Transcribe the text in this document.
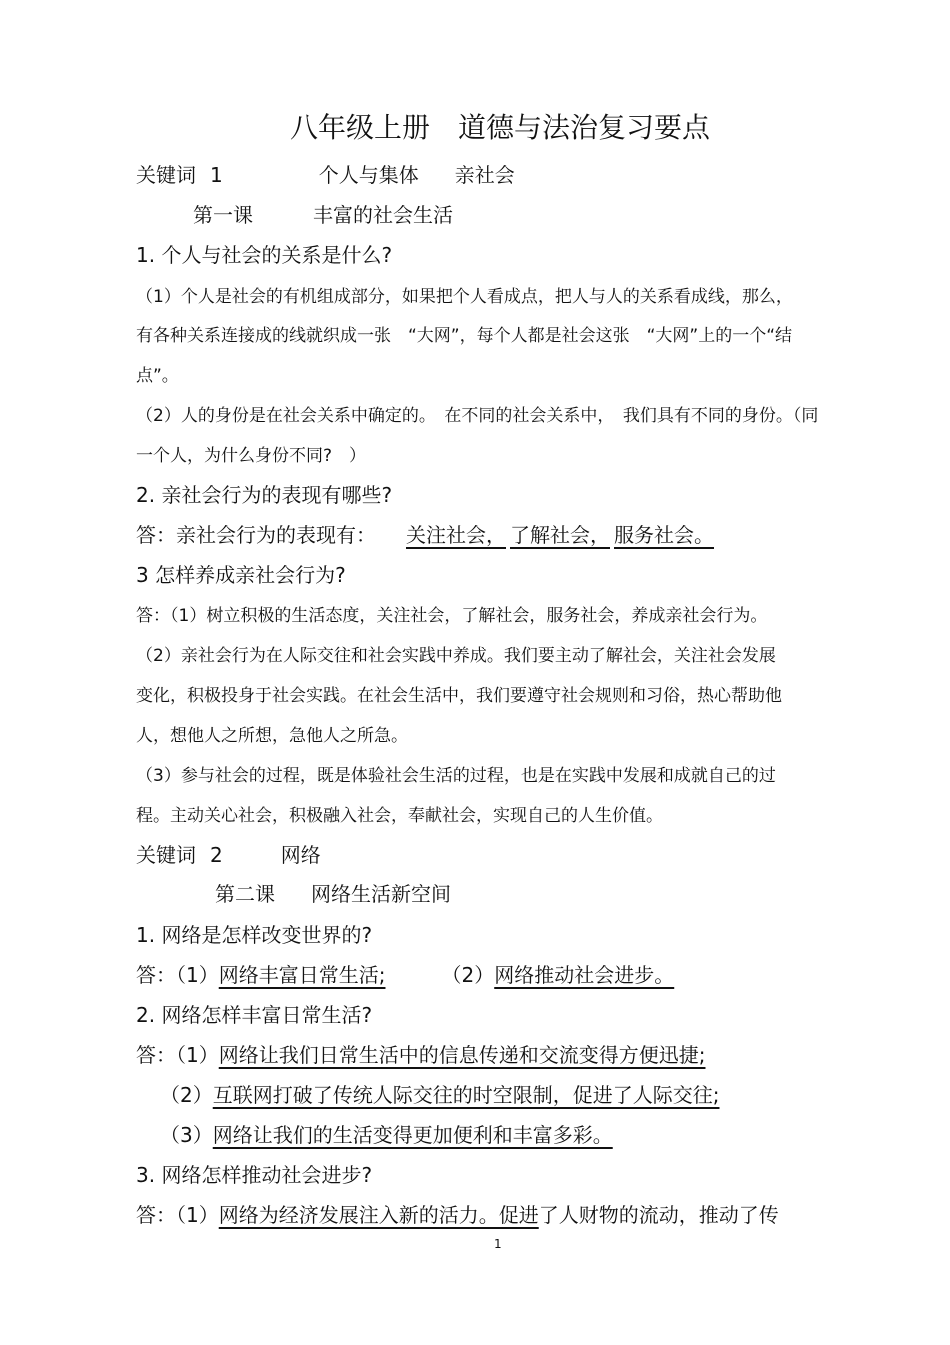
八年级上册　道德与法治复习要点
关键词 1	个人与集体 亲社会
第一课	丰富的社会生活
1. 个人与社会的关系是什么?
（1）个人是社会的有机组成部分，如果把个人看成点，把人与人的关系看成线，那么，
有各种关系连接成的线就织成一张　“大网”，每个人都是社会这张　“大网”上的一个“结
点”。
（2）人的身份是在社会关系中确定的。　在不同的社会关系中，　我们具有不同的身份。（同
一个人，为什么身份不同?　）
2. 亲社会行为的表现有哪些?
答：亲社会行为的表现有： 关注社会， 了解社会， 服务社会。
3 怎样养成亲社会行为?
答：（1）树立积极的生活态度，关注社会，了解社会，服务社会，养成亲社会行为。
（2）亲社会行为在人际交往和社会实践中养成。我们要主动了解社会，关注社会发展
变化，积极投身于社会实践。在社会生活中，我们要遵守社会规则和习俗，热心帮助他
人，想他人之所想，急他人之所急。
（3）参与社会的过程，既是体验社会生活的过程，也是在实践中发展和成就自己的过
程。主动关心社会，积极融入社会，奉献社会，实现自己的人生价值。
关键词 2	网络
第二课 网络生活新空间
1. 网络是怎样改变世界的?
答：（1）网络丰富日常生活;	（2）网络推动社会进步。
2. 网络怎样丰富日常生活?
答：（1）网络让我们日常生活中的信息传递和交流变得方便迅捷;
（2）互联网打破了传统人际交往的时空限制，促进了人际交往;
（3）网络让我们的生活变得更加便利和丰富多彩。
3. 网络怎样推动社会进步?
答：（1）网络为经济发展注入新的活力。促进了人财物的流动，推动了传
1
